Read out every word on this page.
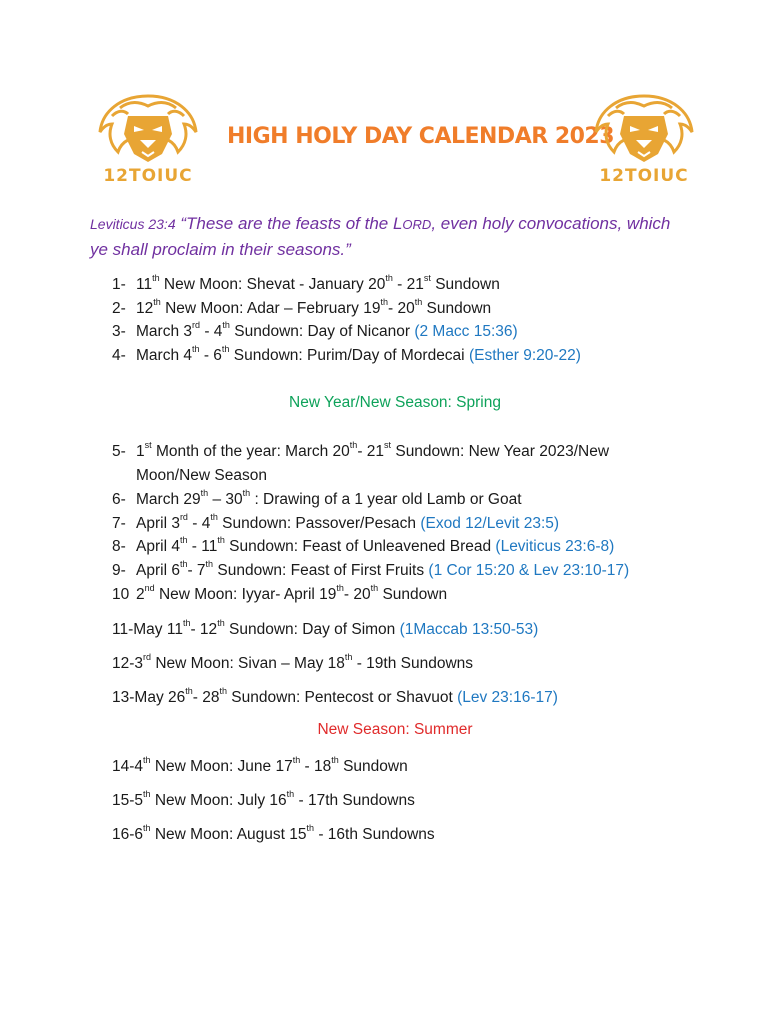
12TOIUC
HIGH HOLY DAY CALENDAR 2023
12TOIUC
Leviticus 23:4 “These are the feasts of the LORD, even holy convocations, which ye shall proclaim in their seasons.”
1- 11th New Moon: Shevat - January 20th - 21st Sundown
2- 12th New Moon: Adar – February 19th- 20th Sundown
3- March 3rd - 4th Sundown: Day of Nicanor (2 Macc 15:36)
4- March 4th - 6th Sundown: Purim/Day of Mordecai (Esther 9:20-22)
New Year/New Season: Spring
5- 1st Month of the year: March 20th- 21st Sundown: New Year 2023/New
Moon/New Season
6- March 29th – 30th : Drawing of a 1 year old Lamb or Goat
7- April 3rd - 4th Sundown: Passover/Pesach (Exod 12/Levit 23:5)
8- April 4th - 11th Sundown: Feast of Unleavened Bread (Leviticus 23:6-8)
9- April 6th- 7th Sundown: Feast of First Fruits (1 Cor 15:20 & Lev 23:10-17)
10 2nd New Moon: Iyyar- April 19th- 20th Sundown
11-May 11th- 12th Sundown: Day of Simon (1Maccab 13:50-53)
12-3rd New Moon: Sivan – May 18th - 19th Sundowns
13-May 26th- 28th Sundown: Pentecost or Shavuot (Lev 23:16-17)
New Season: Summer
14-4th New Moon: June 17th - 18th Sundown
15-5th New Moon: July 16th - 17th Sundowns
16-6th New Moon: August 15th - 16th Sundowns
